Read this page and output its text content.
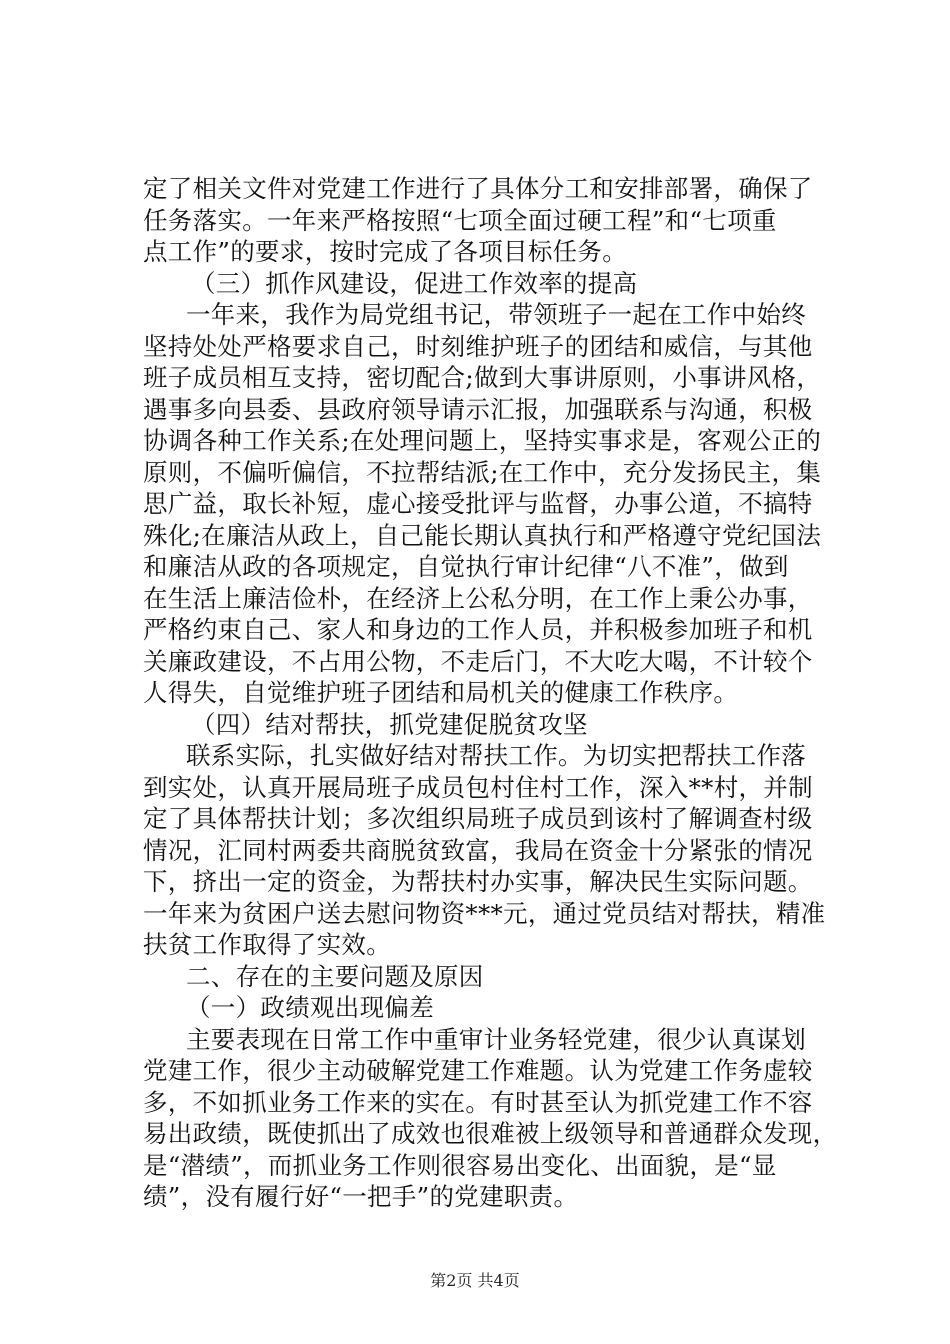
定了相关文件对党建工作进行了具体分工和安排部署，确保了
任务落实。一年来严格按照“七项全面过硬工程”和“七项重
点工作”的要求，按时完成了各项目标任务。
（三）抓作风建设，促进工作效率的提高
一年来，我作为局党组书记，带领班子一起在工作中始终
坚持处处严格要求自己，时刻维护班子的团结和威信，与其他
班子成员相互支持，密切配合;做到大事讲原则，小事讲风格，
遇事多向县委、县政府领导请示汇报，加强联系与沟通，积极
协调各种工作关系;在处理问题上，坚持实事求是，客观公正的
原则，不偏听偏信，不拉帮结派;在工作中，充分发扬民主，集
思广益，取长补短，虚心接受批评与监督，办事公道，不搞特
殊化;在廉洁从政上，自己能长期认真执行和严格遵守党纪国法
和廉洁从政的各项规定，自觉执行审计纪律“八不准”，做到
在生活上廉洁俭朴，在经济上公私分明，在工作上秉公办事，
严格约束自己、家人和身边的工作人员，并积极参加班子和机
关廉政建设，不占用公物，不走后门，不大吃大喝，不计较个
人得失，自觉维护班子团结和局机关的健康工作秩序。
（四）结对帮扶，抓党建促脱贫攻坚
联系实际，扎实做好结对帮扶工作。为切实把帮扶工作落
到实处，认真开展局班子成员包村住村工作，深入**村，并制
定了具体帮扶计划；多次组织局班子成员到该村了解调查村级
情况，汇同村两委共商脱贫致富，我局在资金十分紧张的情况
下，挤出一定的资金，为帮扶村办实事，解决民生实际问题。
一年来为贫困户送去慰问物资***元，通过党员结对帮扶，精准
扶贫工作取得了实效。
二、存在的主要问题及原因
（一）政绩观出现偏差
主要表现在日常工作中重审计业务轻党建，很少认真谋划
党建工作，很少主动破解党建工作难题。认为党建工作务虚较
多，不如抓业务工作来的实在。有时甚至认为抓党建工作不容
易出政绩，既使抓出了成效也很难被上级领导和普通群众发现，
是“潜绩”，而抓业务工作则很容易出变化、出面貌，是“显
绩”，没有履行好“一把手”的党建职责。
第2页 共4页
